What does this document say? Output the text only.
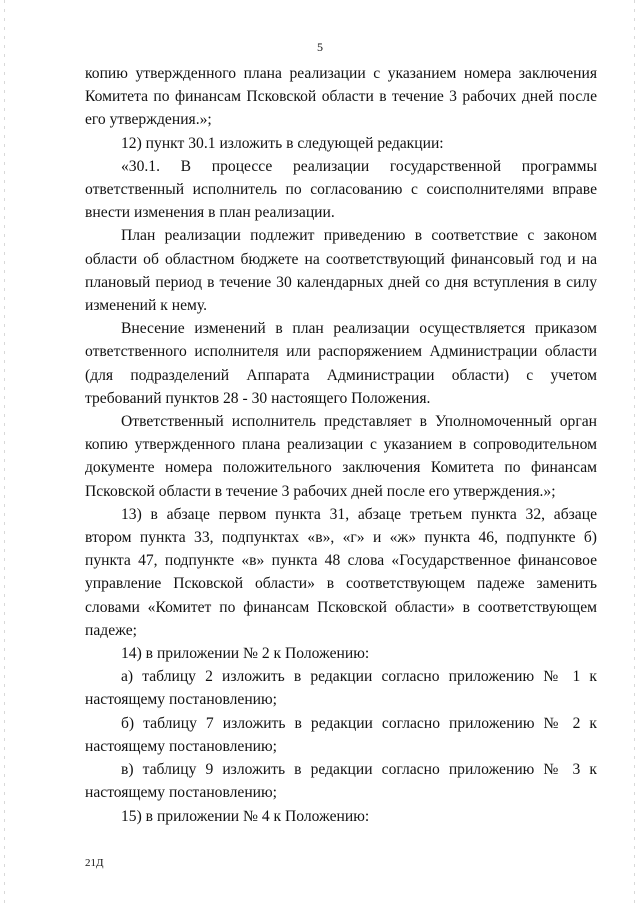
5

копию утвержденного плана реализации с указанием номера заключения Комитета по финансам Псковской области в течение 3 рабочих дней после его утверждения.»;

12) пункт 30.1 изложить в следующей редакции:

«30.1. В процессе реализации государственной программы ответственный исполнитель по согласованию с соисполнителями вправе внести изменения в план реализации.

План реализации подлежит приведению в соответствие с законом области об областном бюджете на соответствующий финансовый год и на плановый период в течение 30 календарных дней со дня вступления в силу изменений к нему.

Внесение изменений в план реализации осуществляется приказом ответственного исполнителя или распоряжением Администрации области (для подразделений Аппарата Администрации области) с учетом требований пунктов 28 - 30 настоящего Положения.

Ответственный исполнитель представляет в Уполномоченный орган копию утвержденного плана реализации с указанием в сопроводительном документе номера положительного заключения Комитета по финансам Псковской области в течение 3 рабочих дней после его утверждения.»;

13) в абзаце первом пункта 31, абзаце третьем пункта 32, абзаце втором пункта 33, подпунктах «в», «г» и «ж» пункта 46, подпункте б) пункта 47, подпункте «в» пункта 48 слова «Государственное финансовое управление Псковской области» в соответствующем падеже заменить словами «Комитет по финансам Псковской области» в соответствующем падеже;

14) в приложении № 2 к Положению:

а) таблицу 2 изложить в редакции согласно приложению № 1 к настоящему постановлению;

б) таблицу 7 изложить в редакции согласно приложению № 2 к настоящему постановлению;

в) таблицу 9 изложить в редакции согласно приложению № 3 к настоящему постановлению;

15) в приложении № 4 к Положению:

21Д
